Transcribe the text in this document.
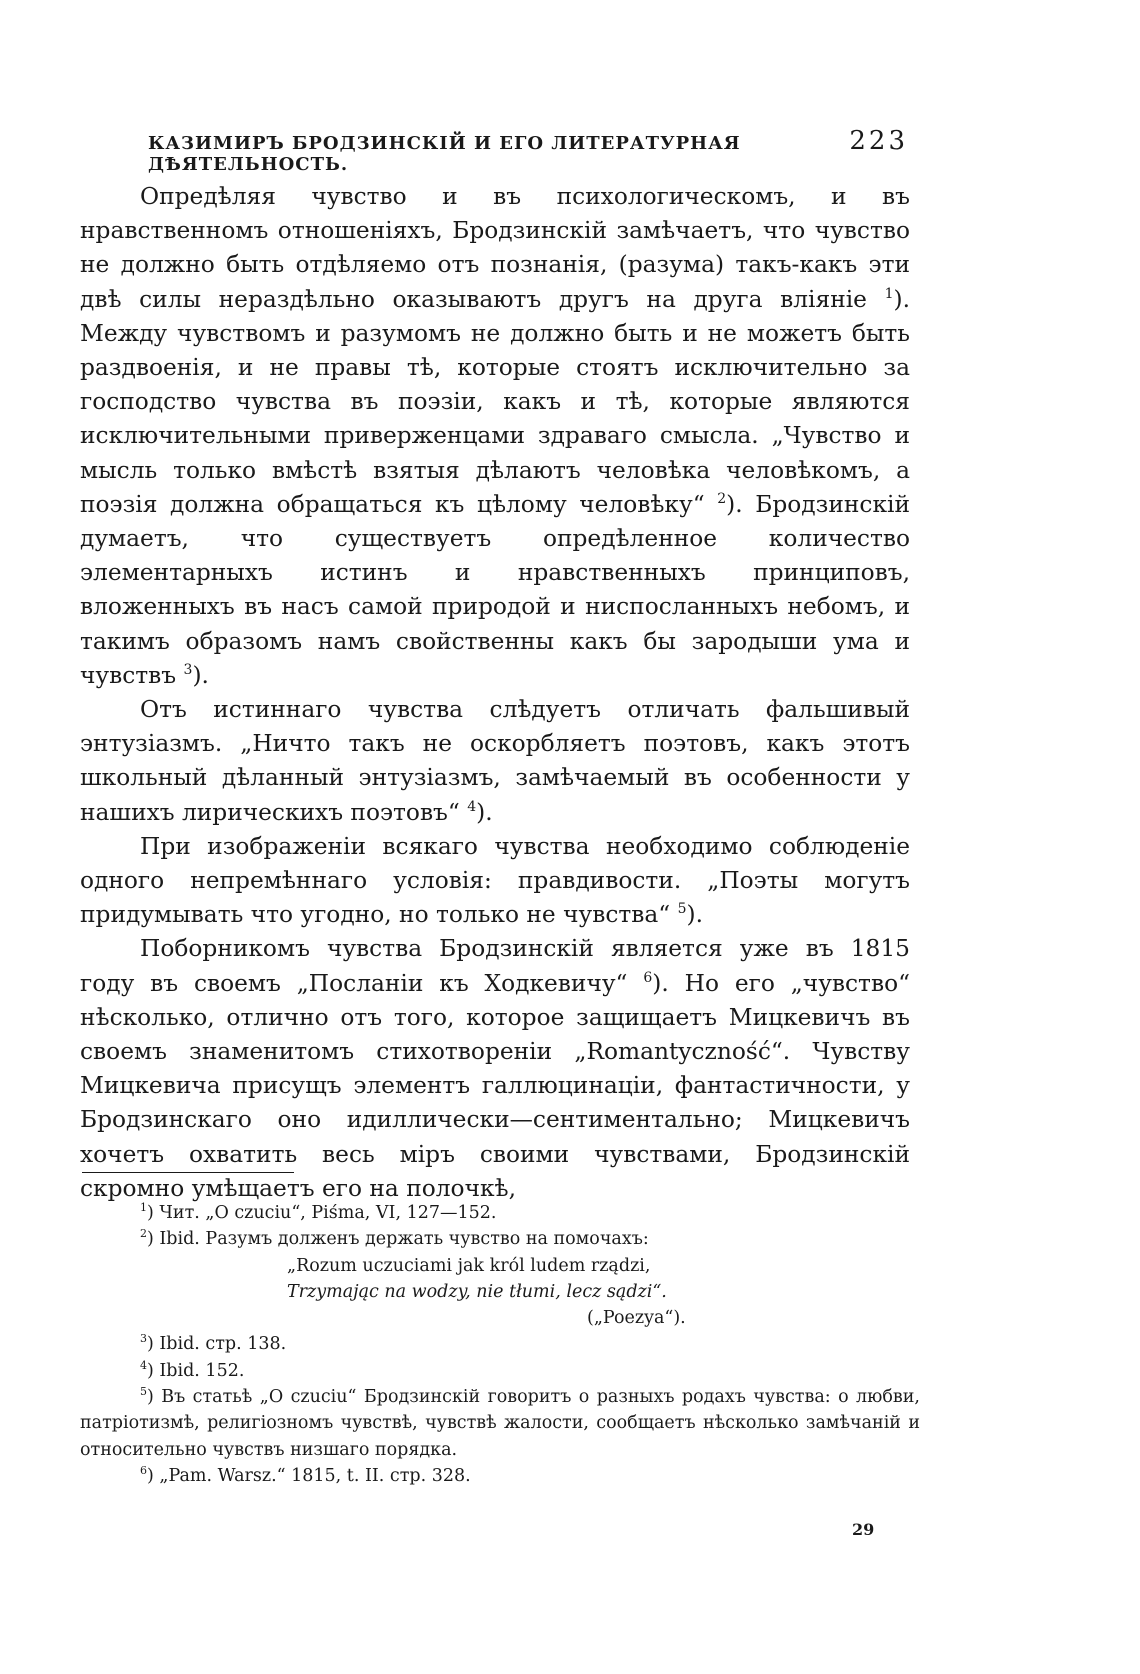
КАЗИМИРЪ БРОДЗИНСКІЙ И ЕГО ЛИТЕРАТУРНАЯ ДѢЯТЕЛЬНОСТЬ.
223

Опредѣляя чувство и въ психологическомъ, и въ нравственномъ отношеніяхъ, Бродзинскій замѣчаетъ, что чувство не должно быть отдѣляемо отъ познанія, (разума) такъ-какъ эти двѣ силы нераздѣльно оказываютъ другъ на друга вліяніе $^1$). Между чувствомъ и разумомъ не должно быть и не можетъ быть раздвоенія, и не правы тѣ, которые стоятъ исключительно за господство чувства въ поэзіи, какъ и тѣ, которые являются исключительными приверженцами здраваго смысла. „Чувство и мысль только вмѣстѣ взятыя дѣлаютъ человѣка человѣкомъ, а поэзія должна обращаться къ цѣлому человѣку“ $^2$). Бродзинскій думаетъ, что существуетъ опредѣленное количество элементарныхъ истинъ и нравственныхъ принциповъ, вложенныхъ въ насъ самой природой и ниспосланныхъ небомъ, и такимъ образомъ намъ свойственны какъ бы зародыши ума и чувствъ $^3$).

Отъ истиннаго чувства слѣдуетъ отличать фальшивый энтузіазмъ. „Ничто такъ не оскорбляетъ поэтовъ, какъ этотъ школьный дѣланный энтузіазмъ, замѣчаемый въ особенности у нашихъ лирическихъ поэтовъ“ $^4$).

При изображеніи всякаго чувства необходимо соблюденіе одного непремѣннаго условія: правдивости. „Поэты могутъ придумывать что угодно, но только не чувства“ $^5$).

Поборникомъ чувства Бродзинскій является уже въ 1815 году въ своемъ „Посланіи къ Ходкевичу“ $^6$). Но его „чувство“ нѣсколько, отлично отъ того, которое защищаетъ Мицкевичъ въ своемъ знаменитомъ стихотвореніи „Romantyczność“. Чувству Мицкевича присущъ элементъ галлюцинаціи, фантастичности, у Бродзинскаго оно идиллически—сентиментально; Мицкевичъ хочетъ охватить весь міръ своими чувствами, Бродзинскій скромно умѣщаетъ его на полочкѣ,

$^1$) Чит. „O czuciu“, Piśma, VI, 127—152.

$^2$) Ibid. Разумъ долженъ держать чувство на помочахъ:

„Rozum uczuciami jak król ludem rządzi,
Trzymając na wodzy, nie tłumi, lecz sądzi“.
(„Poezya“).

$^3$) Ibid. стр. 138.

$^4$) Ibid. 152.

$^5$) Въ статьѣ „O czuciu“ Бродзинскій говоритъ о разныхъ родахъ чувства: о любви, патріотизмѣ, религіозномъ чувствѣ, чувствѣ жалости, сообщаетъ нѣсколько замѣчаній и относительно чувствъ низшаго порядка.

$^6$) „Pam. Warsz.“ 1815, t. II. стр. 328.

29
